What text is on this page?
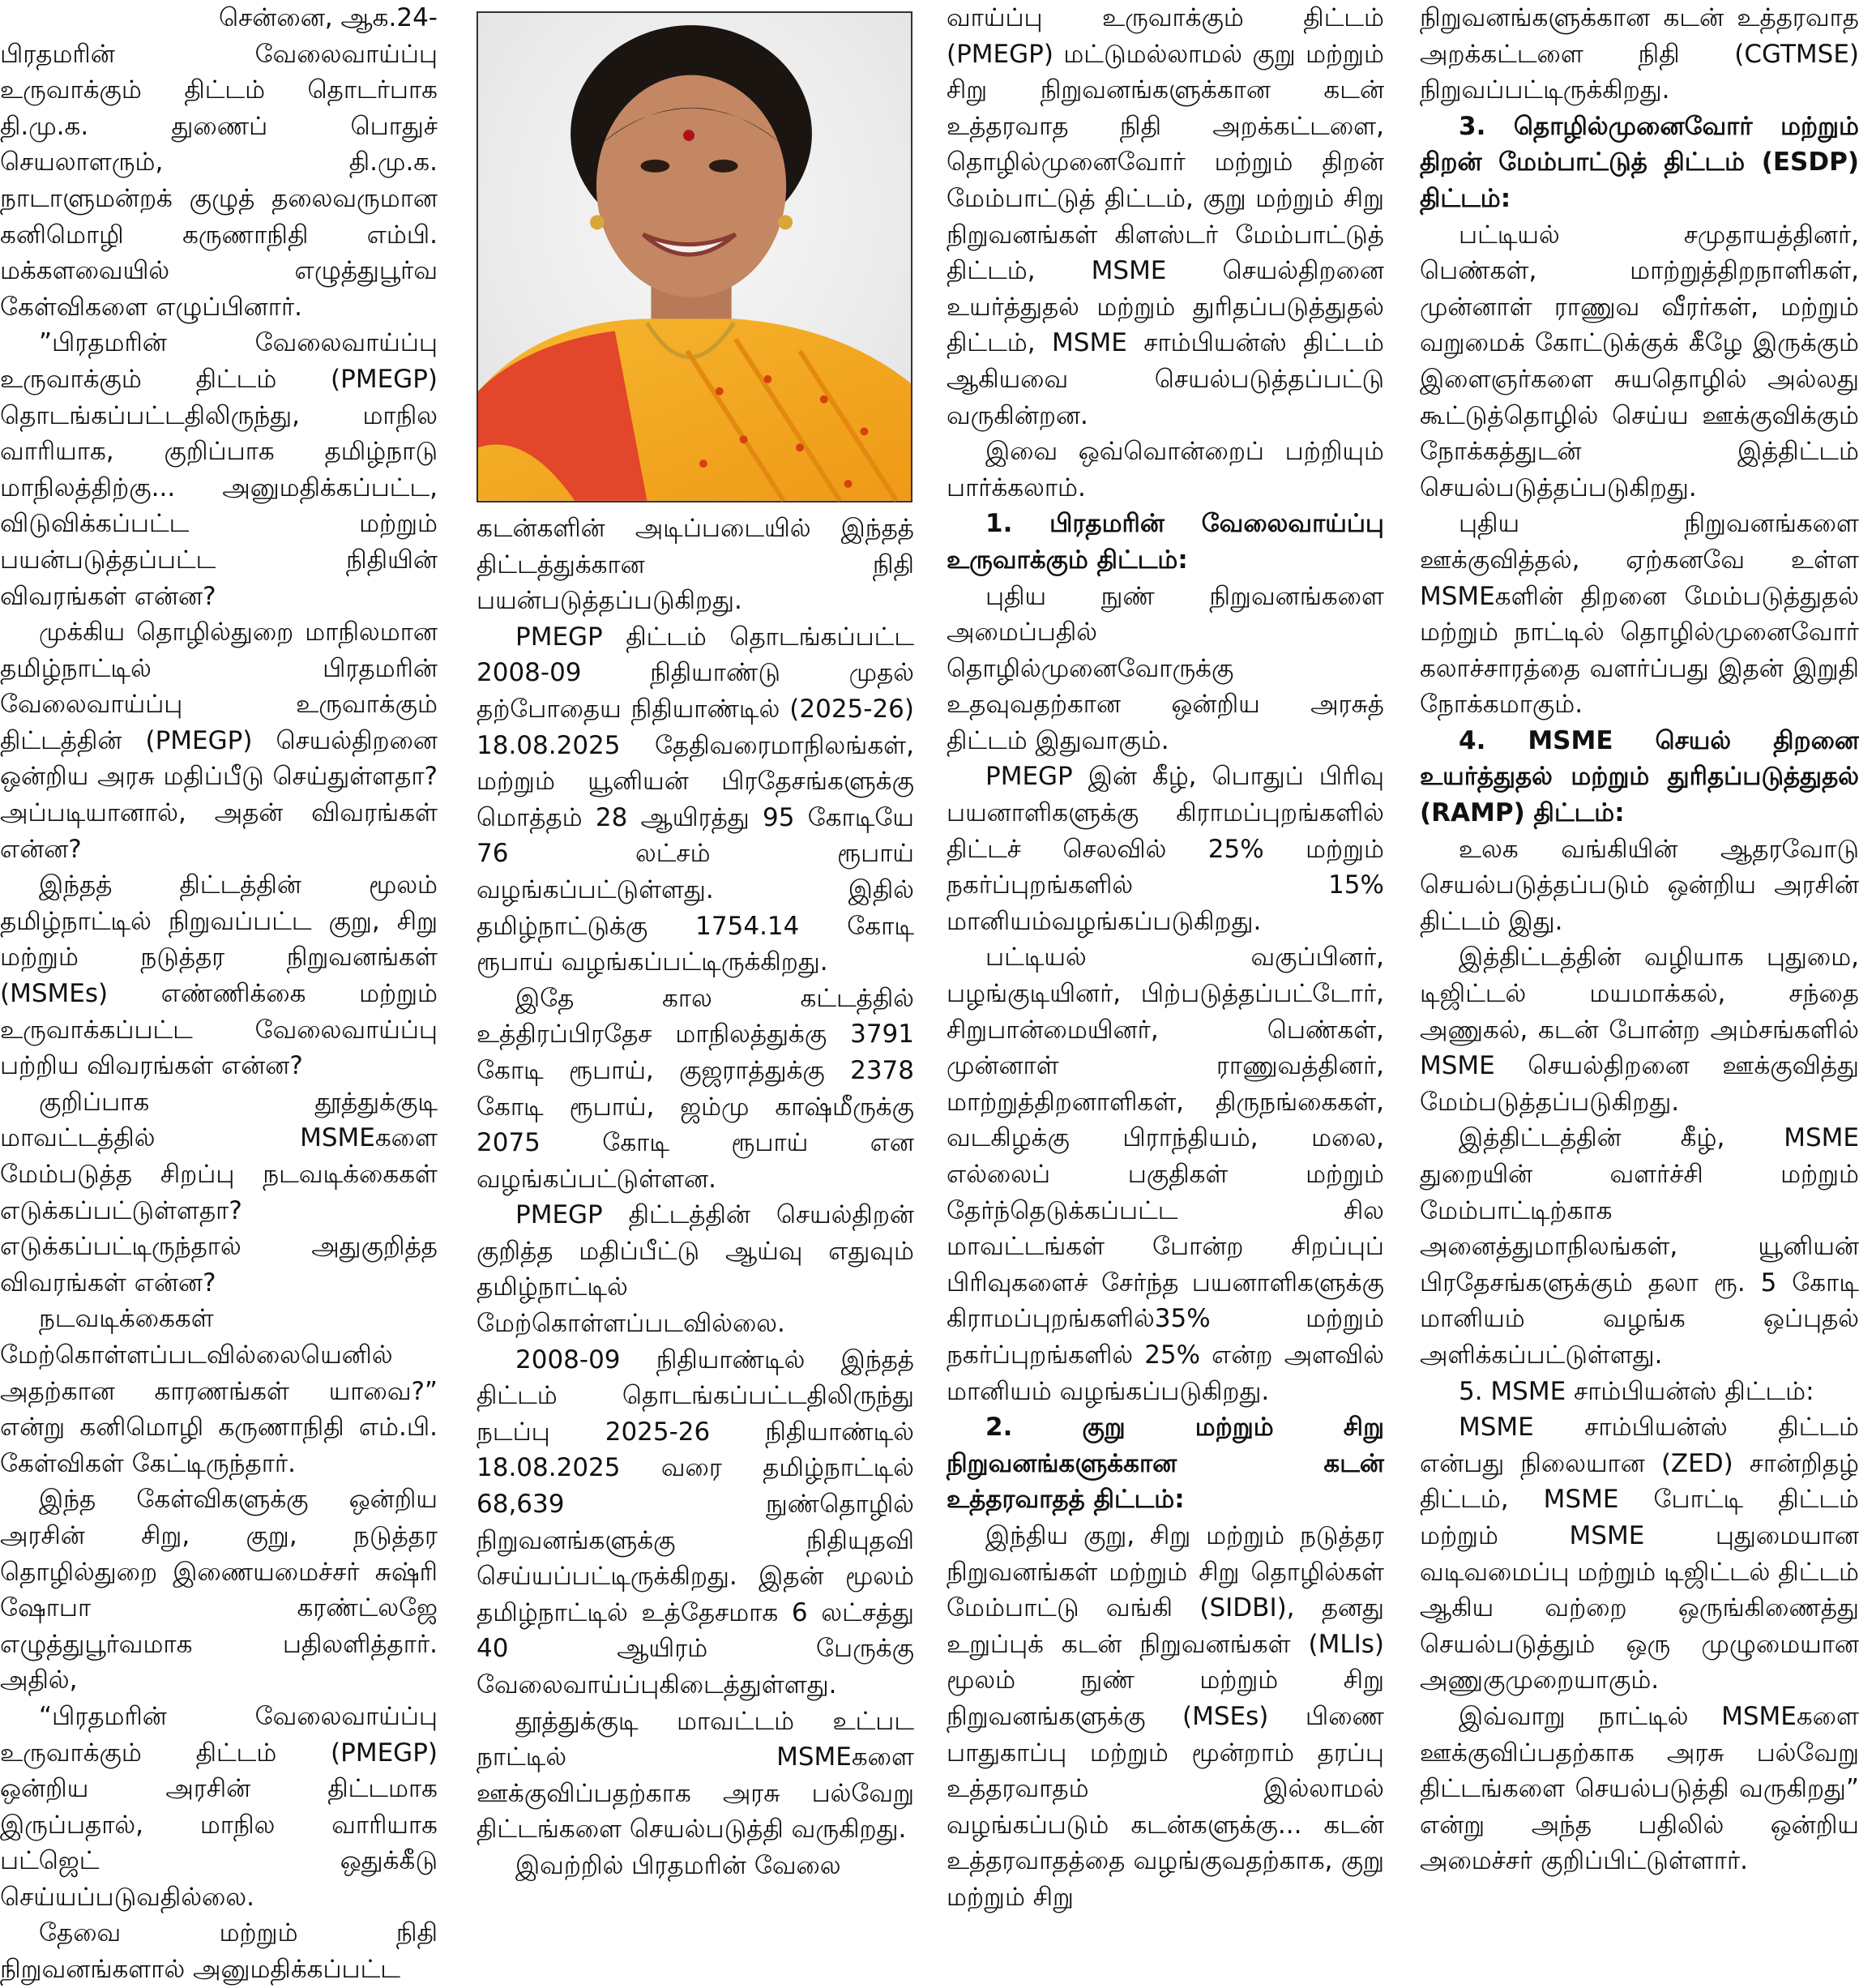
சென்னை, ஆக.24-

பிரதமரின் வேலைவாய்ப்பு உருவாக்கும் திட்டம் தொடர்பாக தி.மு.க. துணைப் பொதுச் செயலாளரும், தி.மு.க. நாடாளுமன்றக் குழுத் தலைவருமான கனிமொழி கருணாநிதி எம்பி. மக்களவையில் எழுத்துபூர்வ கேள்விகளை எழுப்பினார்.

”பிரதமரின் வேலைவாய்ப்பு உருவாக்கும் திட்டம் (PMEGP) தொடங்கப்பட்டதிலிருந்து, மாநில வாரியாக, குறிப்பாக தமிழ்நாடு மாநிலத்திற்கு... அனுமதிக்கப்பட்ட, விடுவிக்கப்பட்ட மற்றும் பயன்படுத்தப்பட்ட நிதியின் விவரங்கள் என்ன?

முக்கிய தொழில்துறை மாநிலமான தமிழ்நாட்டில் பிரதமரின் வேலைவாய்ப்பு உருவாக்கும் திட்டத்தின் (PMEGP) செயல்திறனை ஒன்றிய அரசு மதிப்பீடு செய்துள்ளதா? அப்படியானால், அதன் விவரங்கள் என்ன?

இந்தத் திட்டத்தின் மூலம் தமிழ்நாட்டில் நிறுவப்பட்ட குறு, சிறு மற்றும் நடுத்தர நிறுவனங்கள் (MSMEs) எண்ணிக்கை மற்றும் உருவாக்கப்பட்ட வேலைவாய்ப்பு பற்றிய விவரங்கள் என்ன?

குறிப்பாக தூத்துக்குடி மாவட்டத்தில் MSMEகளை மேம்படுத்த சிறப்பு நடவடிக்கைகள் எடுக்கப்பட்டுள்ளதா? எடுக்கப்பட்டிருந்தால் அதுகுறித்த விவரங்கள் என்ன?

நடவடிக்கைகள் மேற்கொள்ளப்படவில்லையெனில் அதற்கான காரணங்கள் யாவை?” என்று கனிமொழி கருணாநிதி எம்.பி. கேள்விகள் கேட்டிருந்தார்.

இந்த கேள்விகளுக்கு ஒன்றிய அரசின் சிறு, குறு, நடுத்தர தொழில்துறை இணையமைச்சர் சுஷ்ரி ஷோபா கரண்ட்லஜே எழுத்துபூர்வமாக பதிலளித்தார். அதில்,

“பிரதமரின் வேலைவாய்ப்பு உருவாக்கும் திட்டம் (PMEGP) ஒன்றிய அரசின் திட்டமாக இருப்பதால், மாநில வாரியாக பட்ஜெட் ஒதுக்கீடு செய்யப்படுவதில்லை.

தேவை மற்றும் நிதி நிறுவனங்களால் அனுமதிக்கப்பட்ட

கடன்களின் அடிப்படையில் இந்தத் திட்டத்துக்கான நிதி பயன்படுத்தப்படுகிறது.

PMEGP திட்டம் தொடங்கப்பட்ட 2008-09 நிதியாண்டு முதல் தற்போதைய நிதியாண்டில் (2025-26) 18.08.2025 தேதிவரைமாநிலங்கள், மற்றும் யூனியன் பிரதேசங்களுக்கு மொத்தம் 28 ஆயிரத்து 95 கோடியே 76 லட்சம் ரூபாய் வழங்கப்பட்டுள்ளது. இதில் தமிழ்நாட்டுக்கு 1754.14 கோடி ரூபாய் வழங்கப்பட்டிருக்கிறது.

இதே கால கட்டத்தில் உத்திரப்பிரதேச மாநிலத்துக்கு 3791 கோடி ரூபாய், குஜராத்துக்கு 2378 கோடி ரூபாய், ஜம்மு காஷ்மீருக்கு 2075 கோடி ரூபாய் என வழங்கப்பட்டுள்ளன.

PMEGP திட்டத்தின் செயல்திறன் குறித்த மதிப்பீட்டு ஆய்வு எதுவும் தமிழ்நாட்டில் மேற்கொள்ளப்படவில்லை.

2008-09 நிதியாண்டில் இந்தத் திட்டம் தொடங்கப்பட்டதிலிருந்து நடப்பு 2025-26 நிதியாண்டில் 18.08.2025 வரை தமிழ்நாட்டில் 68,639 நுண்தொழில் நிறுவனங்களுக்கு நிதியுதவி செய்யப்பட்டிருக்கிறது. இதன் மூலம் தமிழ்நாட்டில் உத்தேசமாக 6 லட்சத்து 40 ஆயிரம் பேருக்கு வேலைவாய்ப்புகிடைத்துள்ளது.

தூத்துக்குடி மாவட்டம் உட்பட நாட்டில் MSMEகளை ஊக்குவிப்பதற்காக அரசு பல்வேறு திட்டங்களை செயல்படுத்தி வருகிறது.

இவற்றில் பிரதமரின் வேலை

வாய்ப்பு உருவாக்கும் திட்டம் (PMEGP) மட்டுமல்லாமல் குறு மற்றும் சிறு நிறுவனங்களுக்கான கடன் உத்தரவாத நிதி அறக்கட்டளை, தொழில்முனைவோர் மற்றும் திறன் மேம்பாட்டுத் திட்டம், குறு மற்றும் சிறு நிறுவனங்கள் கிளஸ்டர் மேம்பாட்டுத் திட்டம், MSME செயல்திறனை உயர்த்துதல் மற்றும் துரிதப்படுத்துதல் திட்டம், MSME சாம்பியன்ஸ் திட்டம் ஆகியவை செயல்படுத்தப்பட்டு வருகின்றன.

இவை ஒவ்வொன்றைப் பற்றியும் பார்க்கலாம்.

1. பிரதமரின் வேலைவாய்ப்பு உருவாக்கும் திட்டம்:

புதிய நுண் நிறுவனங்களை அமைப்பதில் தொழில்முனைவோருக்கு உதவுவதற்கான ஒன்றிய அரசுத் திட்டம் இதுவாகும்.

PMEGP இன் கீழ், பொதுப் பிரிவு பயனாளிகளுக்கு கிராமப்புறங்களில் திட்டச் செலவில் 25% மற்றும் நகர்ப்புறங்களில் 15% மானியம்வழங்கப்படுகிறது.

பட்டியல் வகுப்பினர், பழங்குடியினர், பிற்படுத்தப்பட்டோர், சிறுபான்மையினர், பெண்கள், முன்னாள் ராணுவத்தினர், மாற்றுத்திறனாளிகள், திருநங்கைகள், வடகிழக்கு பிராந்தியம், மலை, எல்லைப் பகுதிகள் மற்றும் தேர்ந்தெடுக்கப்பட்ட சில மாவட்டங்கள் போன்ற சிறப்புப் பிரிவுகளைச் சேர்ந்த பயனாளிகளுக்கு கிராமப்புறங்களில்35% மற்றும் நகர்ப்புறங்களில் 25% என்ற அளவில் மானியம் வழங்கப்படுகிறது.

2. குறு மற்றும் சிறு நிறுவனங்களுக்கான கடன் உத்தரவாதத் திட்டம்:

இந்திய குறு, சிறு மற்றும் நடுத்தர நிறுவனங்கள் மற்றும் சிறு தொழில்கள் மேம்பாட்டு வங்கி (SIDBI), தனது உறுப்புக் கடன் நிறுவனங்கள் (MLIs) மூலம் நுண் மற்றும் சிறு நிறுவனங்களுக்கு (MSEs) பிணை பாதுகாப்பு மற்றும் மூன்றாம் தரப்பு உத்தரவாதம் இல்லாமல் வழங்கப்படும் கடன்களுக்கு... கடன் உத்தரவாதத்தை வழங்குவதற்காக, குறு மற்றும் சிறு

நிறுவனங்களுக்கான கடன் உத்தரவாத அறக்கட்டளை நிதி (CGTMSE) நிறுவப்பட்டிருக்கிறது.

3. தொழில்முனைவோர் மற்றும் திறன் மேம்பாட்டுத் திட்டம் (ESDP) திட்டம்:

பட்டியல் சமுதாயத்தினர், பெண்கள், மாற்றுத்திறநாளிகள், முன்னாள் ராணுவ வீரர்கள், மற்றும் வறுமைக் கோட்டுக்குக் கீழே இருக்கும் இளைஞர்களை சுயதொழில் அல்லது கூட்டுத்தொழில் செய்ய ஊக்குவிக்கும் நோக்கத்துடன் இத்திட்டம் செயல்படுத்தப்படுகிறது.

புதிய நிறுவனங்களை ஊக்குவித்தல், ஏற்கனவே உள்ள MSMEகளின் திறனை மேம்படுத்துதல் மற்றும் நாட்டில் தொழில்முனைவோர் கலாச்சாரத்தை வளர்ப்பது இதன் இறுதி நோக்கமாகும்.

4. MSME செயல் திறனை உயர்த்துதல் மற்றும் துரிதப்படுத்துதல் (RAMP) திட்டம்:

உலக வங்கியின் ஆதரவோடு செயல்படுத்தப்படும் ஒன்றிய அரசின் திட்டம் இது.

இத்திட்டத்தின் வழியாக புதுமை, டிஜிட்டல் மயமாக்கல், சந்தை அணுகல், கடன் போன்ற அம்சங்களில் MSME செயல்திறனை ஊக்குவித்து மேம்படுத்தப்படுகிறது.

இத்திட்டத்தின் கீழ், MSME துறையின் வளர்ச்சி மற்றும் மேம்பாட்டிற்காக அனைத்துமாநிலங்கள், யூனியன் பிரதேசங்களுக்கும் தலா ரூ. 5 கோடி மானியம் வழங்க ஒப்புதல் அளிக்கப்பட்டுள்ளது.

5. MSME சாம்பியன்ஸ் திட்டம்:

MSME சாம்பியன்ஸ் திட்டம் என்பது நிலையான (ZED) சான்றிதழ் திட்டம், MSME போட்டி திட்டம் மற்றும் MSME புதுமையான வடிவமைப்பு மற்றும் டிஜிட்டல் திட்டம் ஆகிய வற்றை ஒருங்கிணைத்து செயல்படுத்தும் ஒரு முழுமையான அணுகுமுறையாகும்.

இவ்வாறு நாட்டில் MSMEகளை ஊக்குவிப்பதற்காக அரசு பல்வேறு திட்டங்களை செயல்படுத்தி வருகிறது” என்று அந்த பதிலில் ஒன்றிய அமைச்சர் குறிப்பிட்டுள்ளார்.
